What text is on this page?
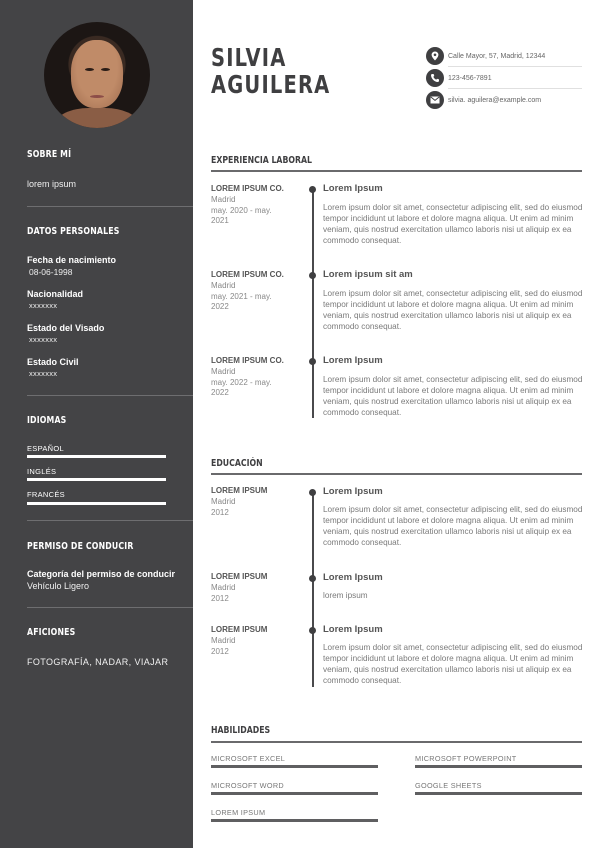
SOBRE MÍ
lorem ipsum
DATOS PERSONALES
Fecha de nacimiento
08-06-1998
Nacionalidad
xxxxxxx
Estado del Visado
xxxxxxx
Estado Civil
xxxxxxx
IDIOMAS
ESPAÑOL
INGLÉS
FRANCÉS
PERMISO DE CONDUCIR
Categoría del permiso de conducir
Vehículo Ligero
AFICIONES
FOTOGRAFÍA, NADAR, VIAJAR
SILVIA
AGUILERA
Calle Mayor, 57, Madrid, 12344
123-456-7891
silvia. aguilera@example.com
EXPERIENCIA LABORAL
LOREM IPSUM CO.
Madrid
may. 2020 - may.
2021
Lorem Ipsum
Lorem ipsum dolor sit amet, consectetur adipiscing elit, sed do eiusmod tempor incididunt ut labore et dolore magna aliqua. Ut enim ad minim veniam, quis nostrud exercitation ullamco laboris nisi ut aliquip ex ea commodo consequat.
LOREM IPSUM CO.
Madrid
may. 2021 - may.
2022
Lorem ipsum sit am
Lorem ipsum dolor sit amet, consectetur adipiscing elit, sed do eiusmod tempor incididunt ut labore et dolore magna aliqua. Ut enim ad minim veniam, quis nostrud exercitation ullamco laboris nisi ut aliquip ex ea commodo consequat.
LOREM IPSUM CO.
Madrid
may. 2022 - may.
2022
Lorem Ipsum
Lorem ipsum dolor sit amet, consectetur adipiscing elit, sed do eiusmod tempor incididunt ut labore et dolore magna aliqua. Ut enim ad minim veniam, quis nostrud exercitation ullamco laboris nisi ut aliquip ex ea commodo consequat.
EDUCACIÓN
LOREM IPSUM
Madrid
2012
Lorem Ipsum
Lorem ipsum dolor sit amet, consectetur adipiscing elit, sed do eiusmod tempor incididunt ut labore et dolore magna aliqua. Ut enim ad minim veniam, quis nostrud exercitation ullamco laboris nisi ut aliquip ex ea commodo consequat.
LOREM IPSUM
Madrid
2012
Lorem Ipsum
lorem ipsum
LOREM IPSUM
Madrid
2012
Lorem Ipsum
Lorem ipsum dolor sit amet, consectetur adipiscing elit, sed do eiusmod tempor incididunt ut labore et dolore magna aliqua. Ut enim ad minim veniam, quis nostrud exercitation ullamco laboris nisi ut aliquip ex ea commodo consequat.
HABILIDADES
MICROSOFT EXCEL	MICROSOFT POWERPOINT
MICROSOFT WORD	GOOGLE SHEETS
LOREM IPSUM
